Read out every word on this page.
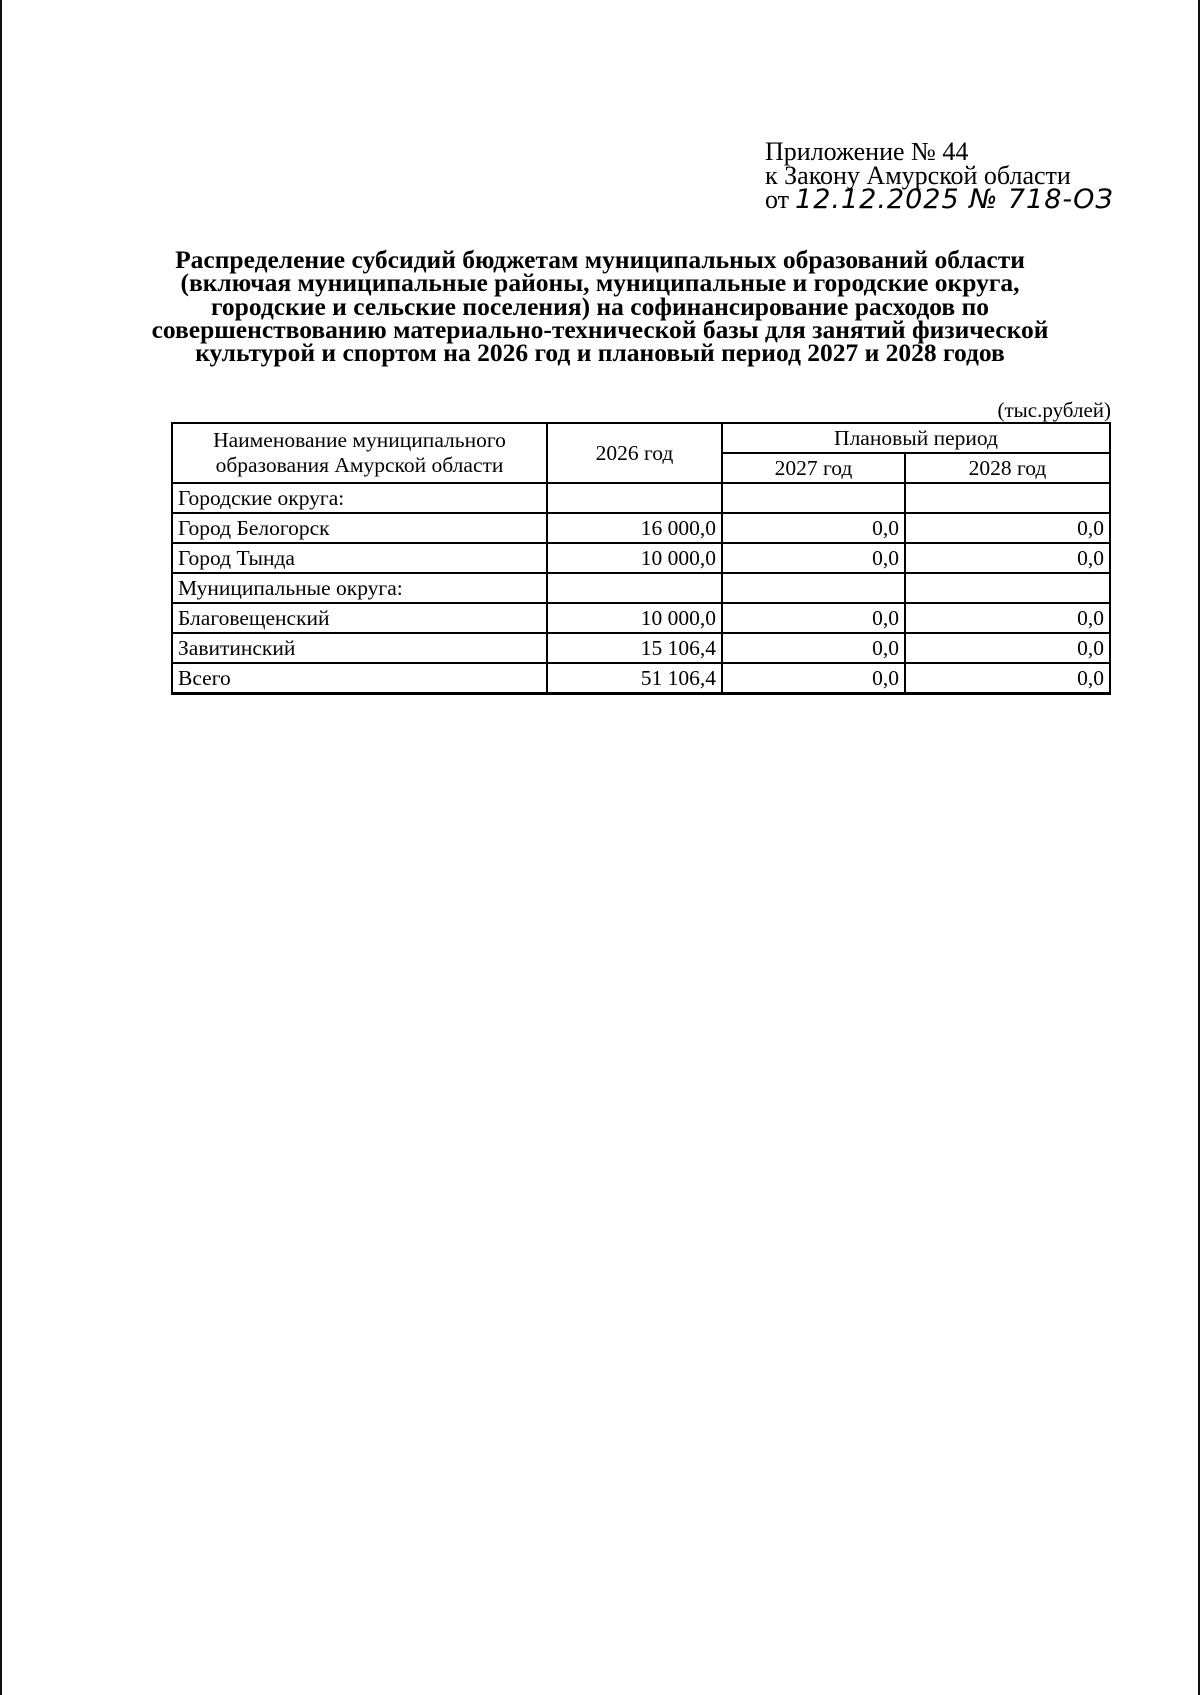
Приложение № 44
к Закону Амурской области
от 12.12.2025 № 718-ОЗ
Распределение субсидий бюджетам муниципальных образований области (включая муниципальные районы, муниципальные и городские округа, городские и сельские поселения) на софинансирование расходов по совершенствованию материально-технической базы для занятий физической культурой и спортом на 2026 год и плановый период 2027 и 2028 годов
(тыс.рублей)
Наименование муниципального образования Амурской области	2026 год	Плановый период	
		2027 год	2028 год
Городские округа:			
Город Белогорск	16 000,0	0,0	0,0
Город Тында	10 000,0	0,0	0,0
Муниципальные округа:			
Благовещенский	10 000,0	0,0	0,0
Завитинский	15 106,4	0,0	0,0
Всего	51 106,4	0,0	0,0
